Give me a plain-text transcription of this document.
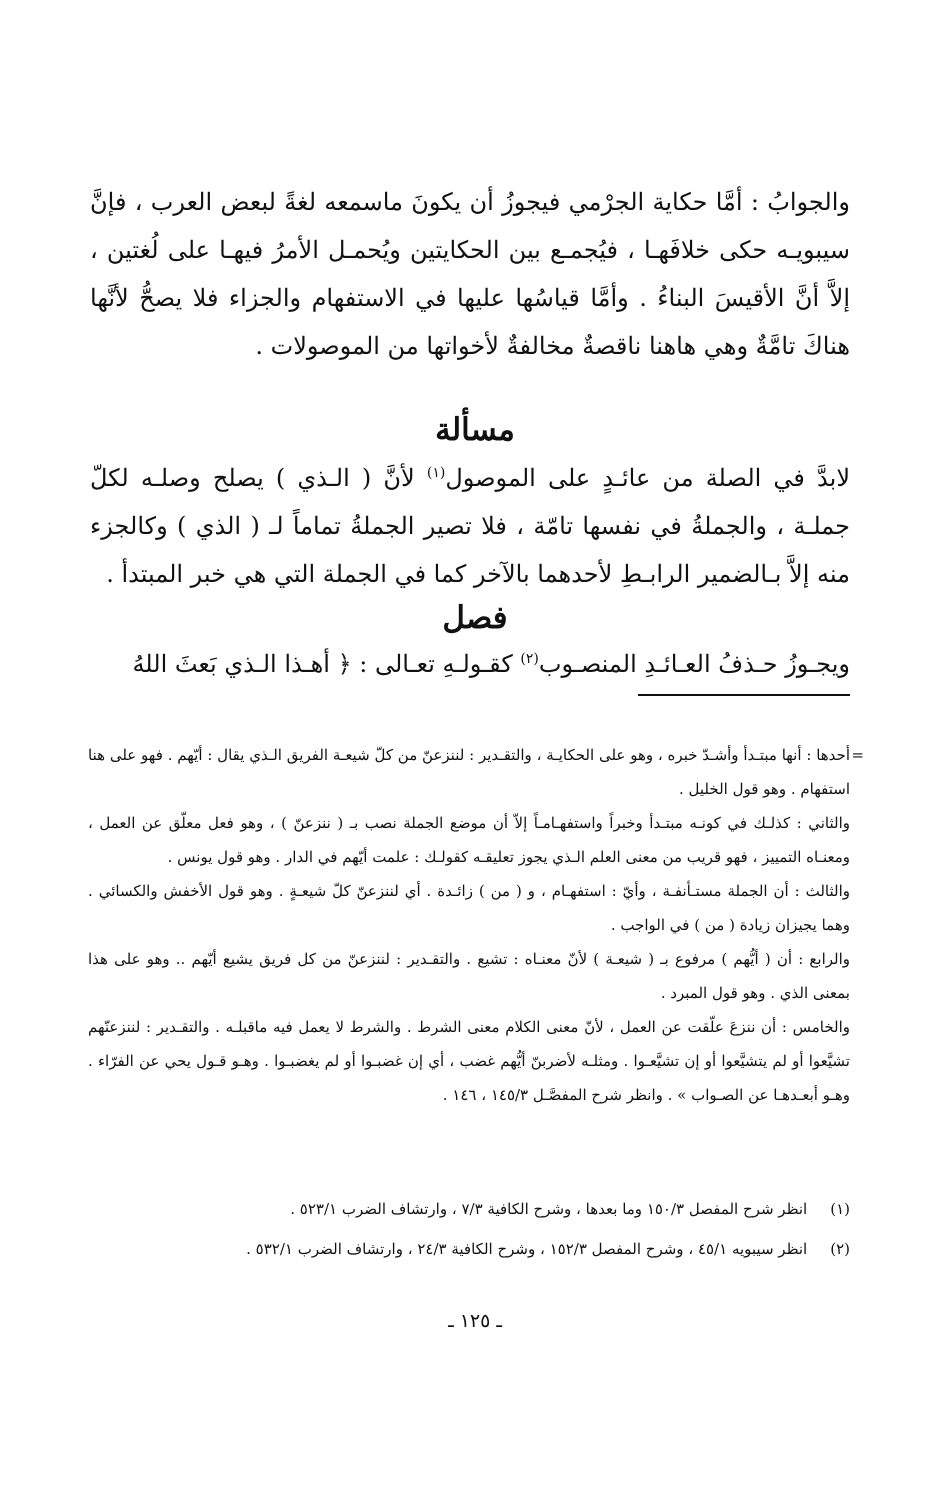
والجوابُ : أمَّا حكاية الجرْمي فيجوزُ أن يكونَ ماسمعه لغةً لبعض العرب ، فإنَّ سيبويـه حكى خلافَهـا ، فيُجمـع بين الحكايتين ويُحمـل الأمرُ فيهـا على لُغتين ، إلاَّ أنَّ الأقيسَ البناءُ . وأمَّا قياسُها عليها في الاستفهام والجزاء فلا يصحُّ لأنَّها هناكَ تامَّةٌ وهي هاهنا ناقصةٌ مخالفةٌ لأخواتها من الموصولات .

مسألة

لابدَّ في الصلة من عائـدٍ على الموصول$^{(١)}$ لأنَّ ( الـذي ) يصلح وصلـه لكلّ جملـة ، والجملةُ في نفسها تامّة ، فلا تصير الجملةُ تماماً لـ ( الذي ) وكالجزء منه إلاَّ بـالضمير الرابـطِ لأحدهما بالآخر كما في الجملة التي هي خبر المبتدأ .

فصل

ويجـوزُ حـذفُ العـائـدِ المنصـوب$^{(٢)}$ كقـولـهِ تعـالى : ﴿ أهـذا الـذي بَعثَ اللهُ

=

أحدها : أنها مبتـدأ وأشـدّ خبره ، وهو على الحكايـة ، والتقـدير : لننزعنّ من كلّ شيعـة الفريق الـذي يقال : أيّهم . فهو على هنا استفهام . وهو قول الخليل .

والثاني : كذلـك في كونـه مبتـدأ وخبراً واستفهـامـاً إلاّ أن موضع الجملة نصب بـ ( ننزعنّ ) ، وهو فعل معلّق عن العمل ، ومعنـاه التمييز ، فهو قريب من معنى العلم الـذي يجوز تعليقـه كقولـك : علمت أيّهم في الدار . وهو قول يونس .

والثالث : أن الجملة مستـأنفـة ، وأيّ : استفهـام ، و ( من ) زائـدة . أي لننزعنّ كلّ شيعـةٍ . وهو قول الأخفش والكسائي . وهما يجيزان زيادة ( من ) في الواجب .

والرابع : أن ( أيُّهم ) مرفوع بـ ( شيعـة ) لأنّ معنـاه : تشيع . والتقـدير : لننزعنّ من كل فريق يشيع أيّهم .. وهو على هذا بمعنى الذي . وهو قول المبرد .

والخامس : أن ننزعَ علّقت عن العمل ، لأنّ معنى الكلام معنى الشرط . والشرط لا يعمل فيه ماقبلـه . والتقـدير : لننزعنّهم تشيَّعوا أو لم يتشيَّعوا أو إن تشيَّعـوا . ومثلـه لأضربنّ أيُّهم غضب ، أي إن غضبـوا أو لم يغضبـوا . وهـو قـول يحي عن الفرّاء . وهـو أبعـدهـا عن الصـواب » . وانظر شرح المفصَّـل ١٤٥/٣ ، ١٤٦ .

(١) انظر شرح المفصل ١٥٠/٣ وما بعدها ، وشرح الكافية ٧/٣ ، وارتشاف الضرب ٥٢٣/١ .
(٢) انظر سيبويه ٤٥/١ ، وشرح المفصل ١٥٢/٣ ، وشرح الكافية ٢٤/٣ ، وارتشاف الضرب ٥٣٢/١ .
ـ ١٢٥ ـ
